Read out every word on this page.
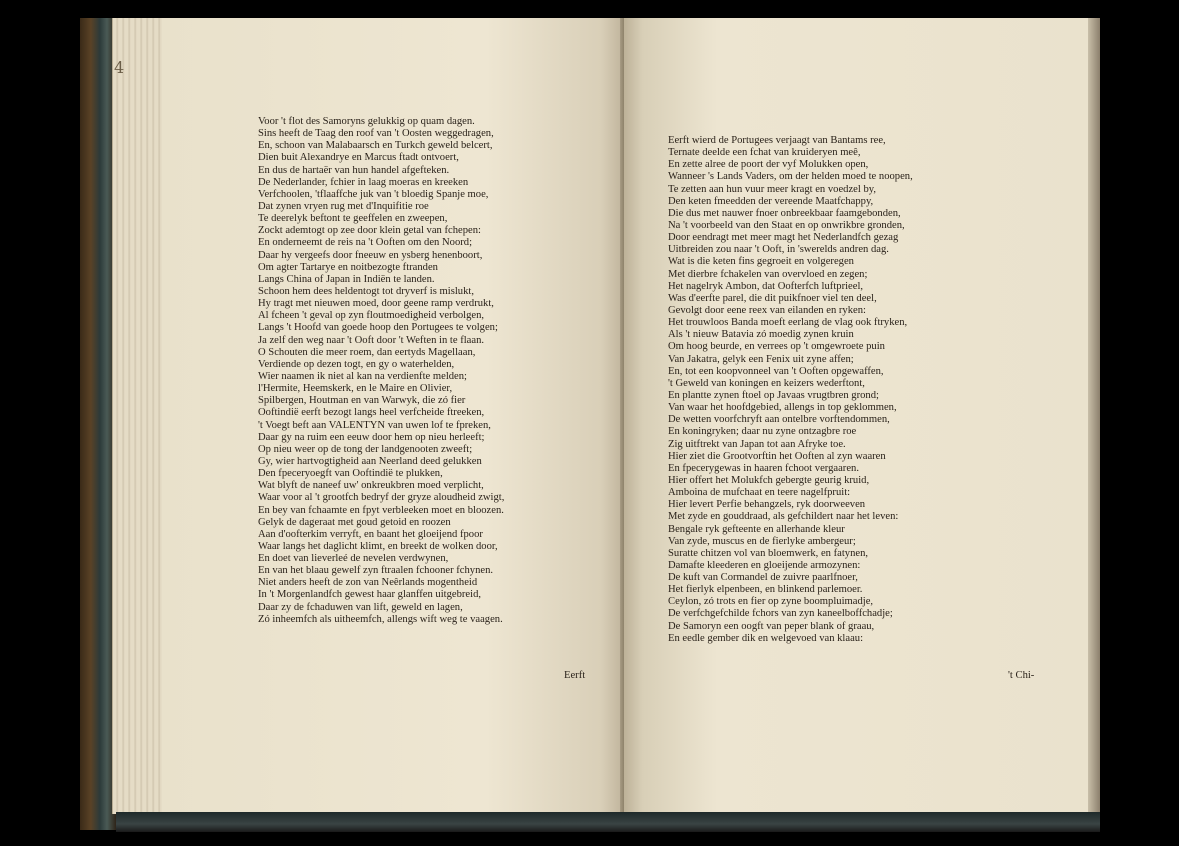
4
Voor 't flot des Samoryns gelukkig op quam dagen.
Sins heeft de Taag den roof van 't Oosten weggedragen,
En, schoon van Malabaarsch en Turkch geweld belcert,
Dien buit Alexandrye en Marcus ftadt ontvoert,
En dus de hartaër van hun handel afgefteken.
De Nederlander, fchier in laag moeras en kreeken
Verfchoolen, 'tflaaffche juk van 't bloedig Spanje moe,
Dat zynen vryen rug met d'Inquifitie roe
Te deerelyk beftont te geeffelen en zweepen,
Zockt ademtogt op zee door klein getal van fchepen:
En onderneemt de reis na 't Ooften om den Noord;
Daar hy vergeefs door fneeuw en ysberg henenboort,
Om agter Tartarye en noitbezogte ftranden
Langs China of Japan in Indiën te landen.
Schoon hem dees heldentogt tot dryverf is mislukt,
Hy tragt met nieuwen moed, door geene ramp verdrukt,
Al fcheen 't geval op zyn floutmoedigheid verbolgen,
Langs 't Hoofd van goede hoop den Portugees te volgen;
Ja zelf den weg naar 't Ooft door 't Weften in te flaan.
O Schouten die meer roem, dan eertyds Magellaan,
Verdiende op dezen togt, en gy o waterhelden,
Wier naamen ik niet al kan na verdienfte melden;
l'Hermite, Heemskerk, en le Maire en Olivier,
Spilbergen, Houtman en van Warwyk, die zó fier
Ooftindië eerft bezogt langs heel verfcheide ftreeken,
't Voegt beft aan VALENTYN van uwen lof te fpreken,
Daar gy na ruim een eeuw door hem op nieu herleeft;
Op nieu weer op de tong der landgenooten zweeft;
Gy, wier hartvogtigheid aan Neerland deed gelukken
Den fpeceryoegft van Ooftindië te plukken,
Wat blyft de naneef uw' onkreukbren moed verplicht,
Waar voor al 't grootfch bedryf der gryze aloudheid zwigt,
En bey van fchaamte en fpyt verbleeken moet en bloozen.
Gelyk de dageraat met goud getoid en roozen
Aan d'oofterkim verryft, en baant het gloeijend fpoor
Waar langs het daglicht klimt, en breekt de wolken door,
En doet van lieverleé de nevelen verdwynen,
En van het blaau gewelf zyn ftraalen fchooner fchynen.
Niet anders heeft de zon van Neêrlands mogentheid
In 't Morgenlandfch gewest haar glanffen uitgebreid,
Daar zy de fchaduwen van lift, geweld en lagen,
Zó inheemfch als uitheemfch, allengs wift weg te vaagen.
Eerft
Eerft wierd de Portugees verjaagt van Bantams ree,
Ternate deelde een fchat van kruideryen meê,
En zette alree de poort der vyf Molukken open,
Wanneer 's Lands Vaders, om der helden moed te noopen,
Te zetten aan hun vuur meer kragt en voedzel by,
Den keten fmeedden der vereende Maatfchappy,
Die dus met nauwer fnoer onbreekbaar faamgebonden,
Na 't voorbeeld van den Staat en op onwrikbre gronden,
Door eendragt met meer magt het Nederlandfch gezag
Uitbreiden zou naar 't Ooft, in 'swerelds andren dag.
Wat is die keten fins gegroeit en volgeregen
Met dierbre fchakelen van overvloed en zegen;
Het nagelryk Ambon, dat Oofterfch luftprieel,
Was d'eerfte parel, die dit puikfnoer viel ten deel,
Gevolgt door eene reex van eilanden en ryken:
Het trouwloos Banda moeft eerlang de vlag ook ftryken,
Als 't nieuw Batavia zó moedig zynen kruin
Om hoog beurde, en verrees op 't omgewroete puin
Van Jakatra, gelyk een Fenix uit zyne affen;
En, tot een koopvonneel van 't Ooften opgewaffen,
't Geweld van koningen en keizers wederftont,
En plantte zynen ftoel op Javaas vrugtbren grond;
Van waar het hoofdgebied, allengs in top geklommen,
De wetten voorfchryft aan ontelbre vorftendommen,
En koningryken; daar nu zyne ontzagbre roe
Zig uitftrekt van Japan tot aan Afryke toe.
Hier ziet die Grootvorftin het Ooften al zyn waaren
En fpecerygewas in haaren fchoot vergaaren.
Hier offert het Molukfch gebergte geurig kruid,
Amboina de mufchaat en teere nagelfpruit:
Hier levert Perfie behangzels, ryk doorweeven
Met zyde en gouddraad, als gefchildert naar het leven:
Bengale ryk gefteente en allerhande kleur
Van zyde, muscus en de fierlyke ambergeur;
Suratte chitzen vol van bloemwerk, en fatynen,
Damafte kleederen en gloeijende armozynen:
De kuft van Cormandel de zuivre paarlfnoer,
Het fierlyk elpenbeen, en blinkend parlemoer.
Ceylon, zó trots en fier op zyne boompluimadje,
De verfchgefchilde fchors van zyn kaneelboffchadje;
De Samoryn een oogft van peper blank of graau,
En eedle gember dik en welgevoed van klaau:
't Chi-
